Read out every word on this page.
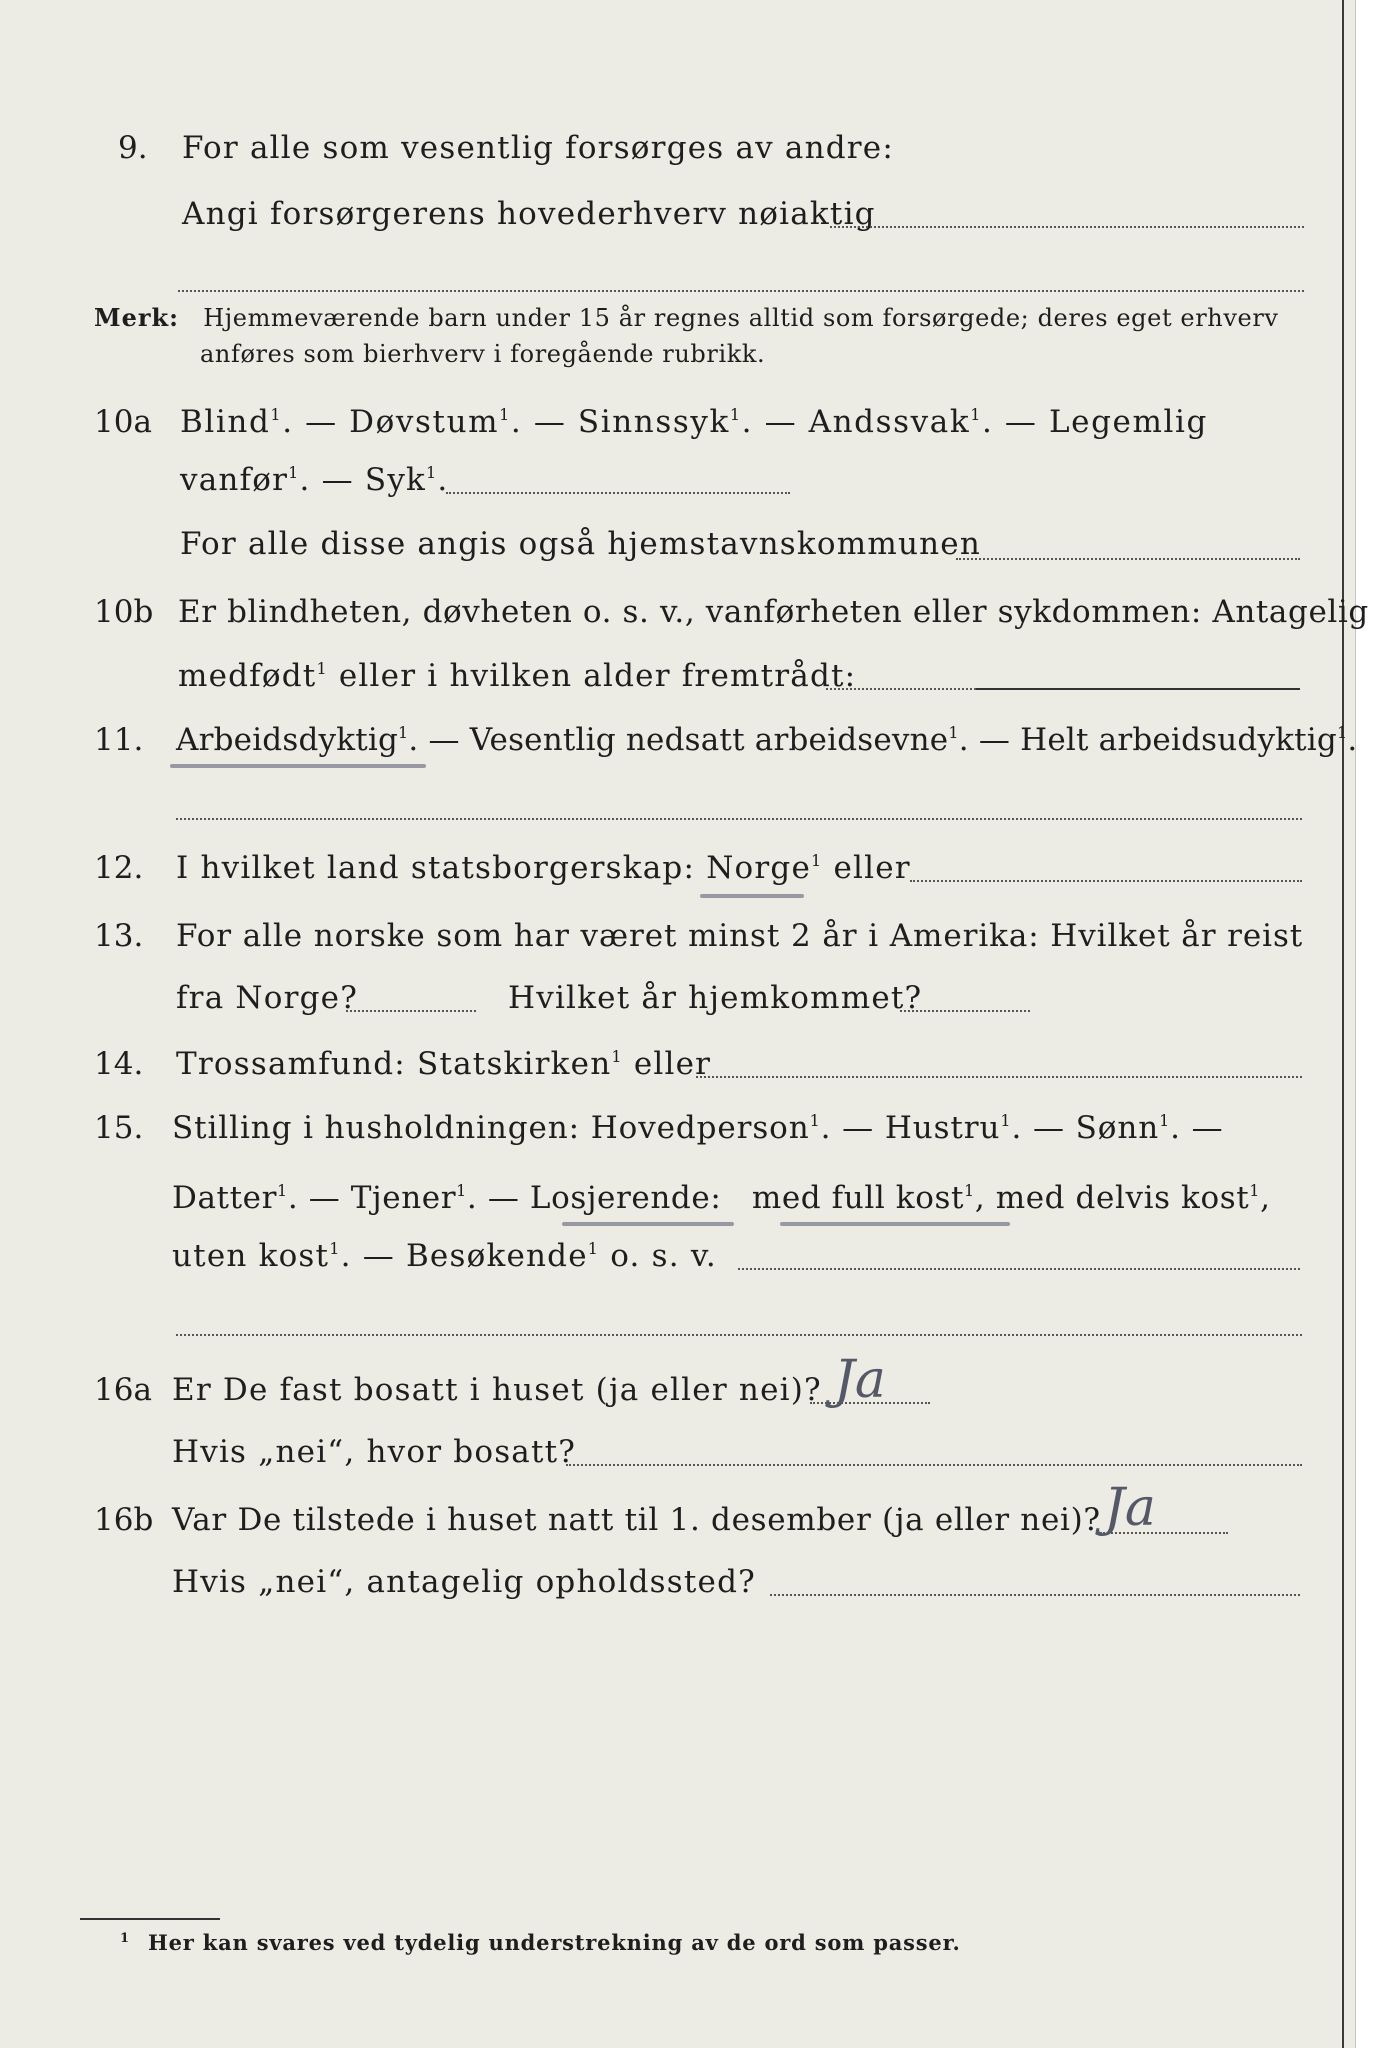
9. For alle som vesentlig forsørges av andre:
Angi forsørgerens hovederhverv nøiaktig
Merk: Hjemmeværende barn under 15 år regnes alltid som forsørgede; deres eget erhverv
anføres som bierhverv i foregående rubrikk.
10a Blind$^1$. — Døvstum$^1$. — Sinnssyk$^1$. — Andssvak$^1$. — Legemlig
vanfør$^1$. — Syk$^1$.
For alle disse angis også hjemstavnskommunen
10b Er blindheten, døvheten o. s. v., vanførheten eller sykdommen: Antagelig
medfødt$^1$ eller i hvilken alder fremtrådt:
11. Arbeidsdyktig$^1$. — Vesentlig nedsatt arbeidsevne$^1$. — Helt arbeidsudyktig$^1$.
12. I hvilket land statsborgerskap: Norge$^1$ eller
13. For alle norske som har været minst 2 år i Amerika: Hvilket år reist
fra Norge?	Hvilket år hjemkommet?
14. Trossamfund: Statskirken$^1$ eller
15. Stilling i husholdningen: Hovedperson$^1$. — Hustru$^1$. — Sønn$^1$. —
Datter$^1$. — Tjener$^1$. — Losjerende: med full kost$^1$, med delvis kost$^1$,
uten kost$^1$. — Besøkende$^1$ o. s. v.
16a Er De fast bosatt i huset (ja eller nei)? Ja
Hvis „nei“, hvor bosatt?
16b Var De tilstede i huset natt til 1. desember (ja eller nei)? Ja
Hvis „nei“, antagelig opholdssted?
$^1$ Her kan svares ved tydelig understrekning av de ord som passer.
